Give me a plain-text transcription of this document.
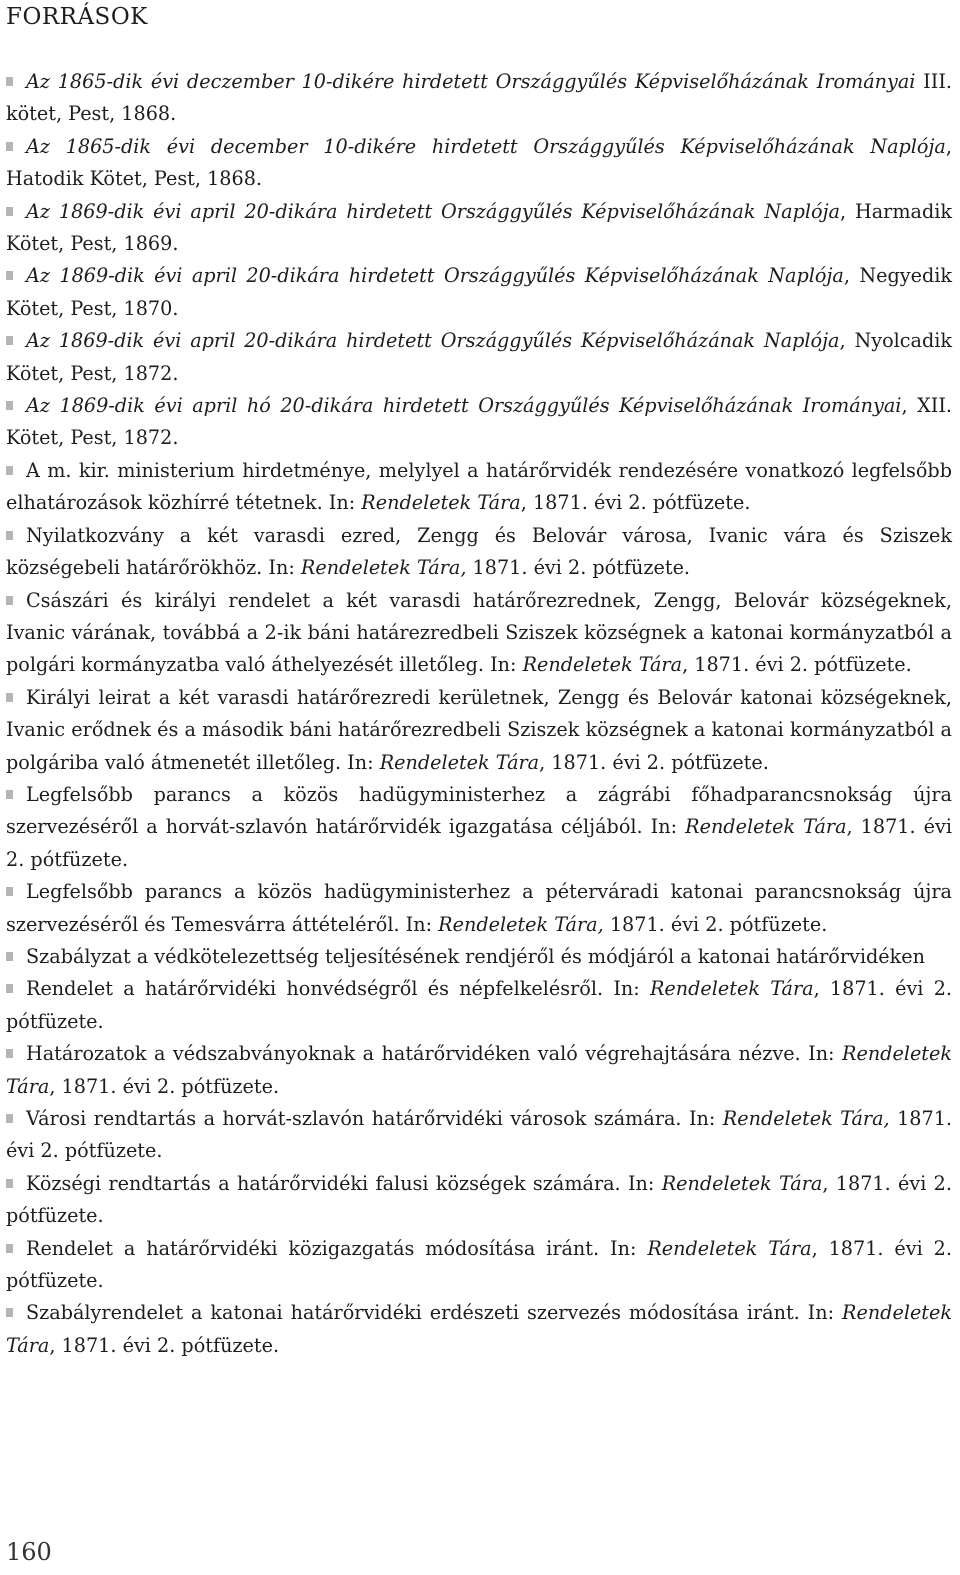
FORRÁSOK
Az 1865-dik évi deczember 10-dikére hirdetett Országgyűlés Képviselőházának Irományai III. kötet, Pest, 1868.
Az 1865-dik évi december 10-dikére hirdetett Országgyűlés Képviselőházának Naplója, Hatodik Kötet, Pest, 1868.
Az 1869-dik évi april 20-dikára hirdetett Országgyűlés Képviselőházának Naplója, Harmadik Kötet, Pest, 1869.
Az 1869-dik évi april 20-dikára hirdetett Országgyűlés Képviselőházának Naplója, Negyedik Kötet, Pest, 1870.
Az 1869-dik évi april 20-dikára hirdetett Országgyűlés Képviselőházának Naplója, Nyolcadik Kötet, Pest, 1872.
Az 1869-dik évi april hó 20-dikára hirdetett Országgyűlés Képviselőházának Irományai, XII. Kötet, Pest, 1872.
A m. kir. ministerium hirdetménye, melylyel a határőrvidék rendezésére vonatkozó legfelsőbb elhatározások közhírré tétetnek. In: Rendeletek Tára, 1871. évi 2. pótfüzete.
Nyilatkozvány a két varasdi ezred, Zengg és Belovár városa, Ivanic vára és Sziszek községebeli határőrökhöz. In: Rendeletek Tára, 1871. évi 2. pótfüzete.
Császári és királyi rendelet a két varasdi határőrezrednek, Zengg, Belovár községeknek, Ivanic várának, továbbá a 2-ik báni határezredbeli Sziszek községnek a katonai kormányzatból a polgári kormányzatba való áthelyezését illetőleg. In: Rendeletek Tára, 1871. évi 2. pótfüzete.
Királyi leirat a két varasdi határőrezredi kerületnek, Zengg és Belovár katonai községeknek, Ivanic erődnek és a második báni határőrezredbeli Sziszek községnek a katonai kormányzatból a polgáriba való átmenetét illetőleg. In: Rendeletek Tára, 1871. évi 2. pótfüzete.
Legfelsőbb parancs a közös hadügyministerhez a zágrábi főhadparancsnokság újra szervezéséről a horvát-szlavón határőrvidék igazgatása céljából. In: Rendeletek Tára, 1871. évi 2. pótfüzete.
Legfelsőbb parancs a közös hadügyministerhez a péterváradi katonai parancsnokság újra szervezéséről és Temesvárra áttételéről. In: Rendeletek Tára, 1871. évi 2. pótfüzete.
Szabályzat a védkötelezettség teljesítésének rendjéről és módjáról a katonai határőrvidéken
Rendelet a határőrvidéki honvédségről és népfelkelésről. In: Rendeletek Tára, 1871. évi 2. pótfüzete.
Határozatok a védszabványoknak a határőrvidéken való végrehajtására nézve. In: Rendeletek Tára, 1871. évi 2. pótfüzete.
Városi rendtartás a horvát-szlavón határőrvidéki városok számára. In: Rendeletek Tára, 1871. évi 2. pótfüzete.
Községi rendtartás a határőrvidéki falusi községek számára. In: Rendeletek Tára, 1871. évi 2. pótfüzete.
Rendelet a határőrvidéki közigazgatás módosítása iránt. In: Rendeletek Tára, 1871. évi 2. pótfüzete.
Szabályrendelet a katonai határőrvidéki erdészeti szervezés módosítása iránt. In: Rendeletek Tára, 1871. évi 2. pótfüzete.
160
